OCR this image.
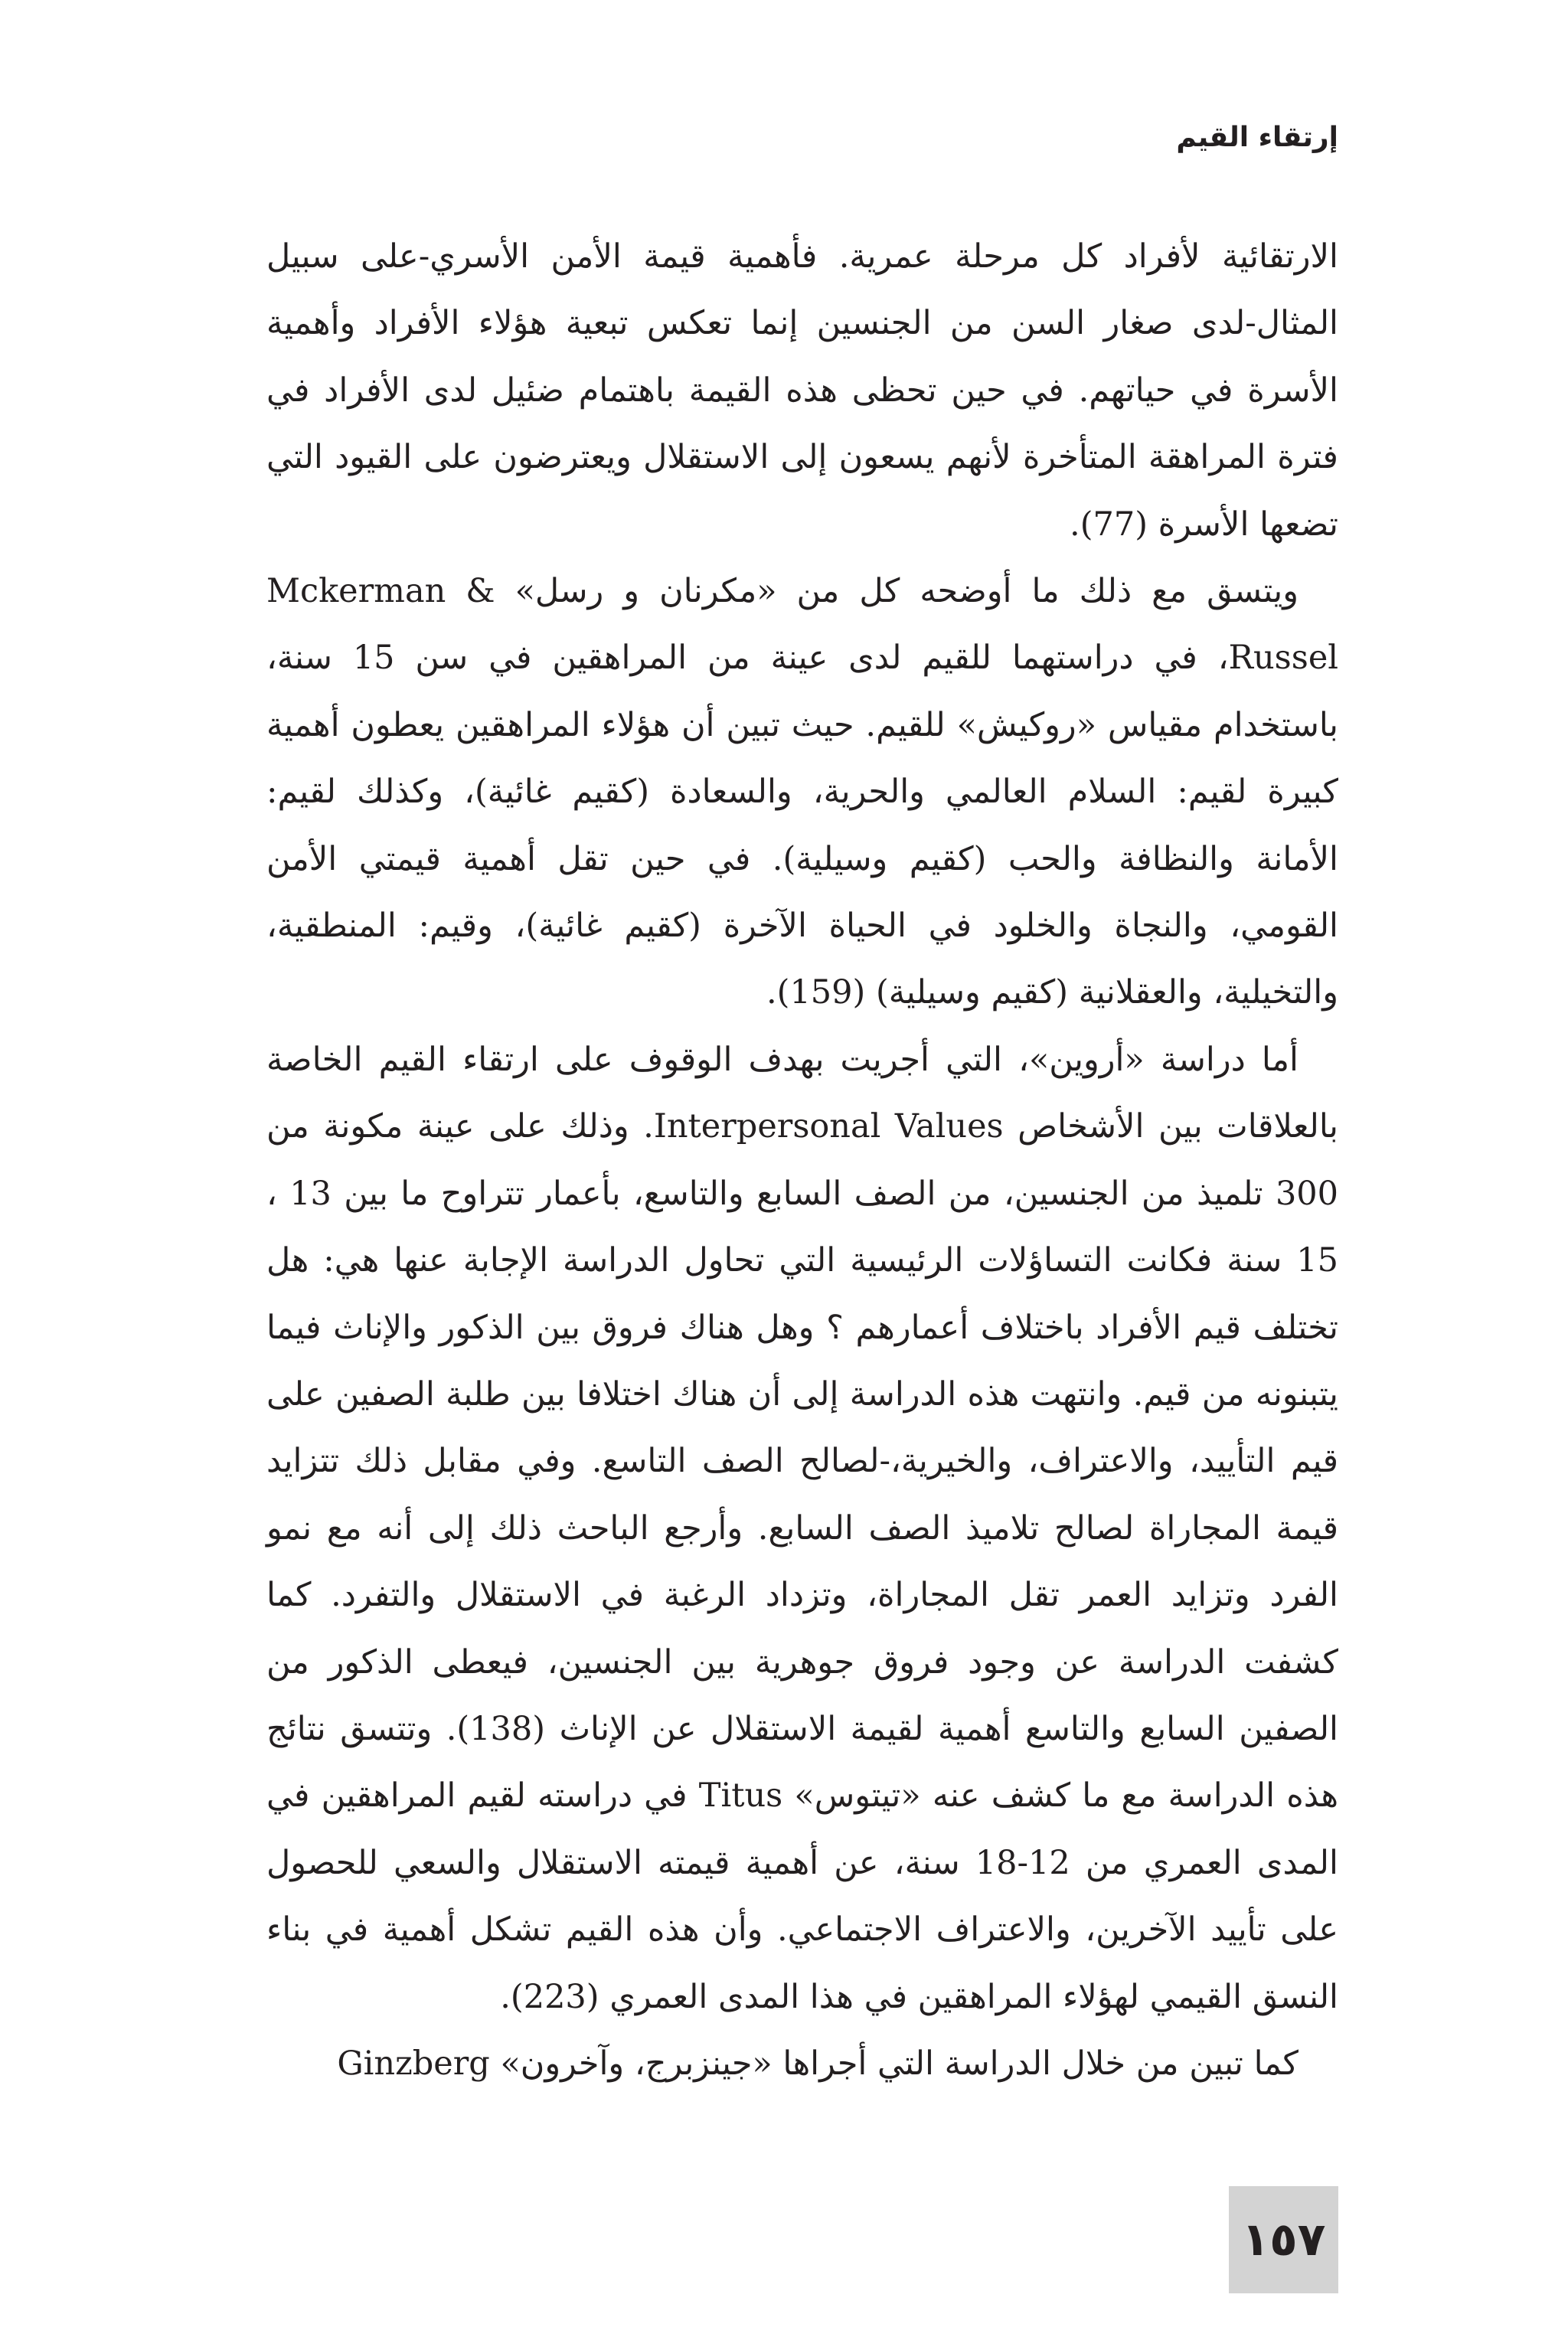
إرتقاء القيم

الارتقائية لأفراد كل مرحلة عمرية. فأهمية قيمة الأمن الأسري-على سبيل المثال-لدى صغار السن من الجنسين إنما تعكس تبعية هؤلاء الأفراد وأهمية الأسرة في حياتهم. في حين تحظى هذه القيمة باهتمام ضئيل لدى الأفراد في فترة المراهقة المتأخرة لأنهم يسعون إلى الاستقلال ويعترضون على القيود التي تضعها الأسرة (77).

ويتسق مع ذلك ما أوضحه كل من «مكرنان و رسل» Mckerman & Russel، في دراستهما للقيم لدى عينة من المراهقين في سن 15 سنة، باستخدام مقياس «روكيش» للقيم. حيث تبين أن هؤلاء المراهقين يعطون أهمية كبيرة لقيم: السلام العالمي والحرية، والسعادة (كقيم غائية)، وكذلك لقيم: الأمانة والنظافة والحب (كقيم وسيلية). في حين تقل أهمية قيمتي الأمن القومي، والنجاة والخلود في الحياة الآخرة (كقيم غائية)، وقيم: المنطقية، والتخيلية، والعقلانية (كقيم وسيلية) (159).

أما دراسة «أروين»، التي أجريت بهدف الوقوف على ارتقاء القيم الخاصة بالعلاقات بين الأشخاص Interpersonal Values. وذلك على عينة مكونة من 300 تلميذ من الجنسين، من الصف السابع والتاسع، بأعمار تتراوح ما بين 13 ، 15 سنة فكانت التساؤلات الرئيسية التي تحاول الدراسة الإجابة عنها هي: هل تختلف قيم الأفراد باختلاف أعمارهم ؟ وهل هناك فروق بين الذكور والإناث فيما يتبنونه من قيم. وانتهت هذه الدراسة إلى أن هناك اختلافا بين طلبة الصفين على قيم التأييد، والاعتراف، والخيرية،-لصالح الصف التاسع. وفي مقابل ذلك تتزايد قيمة المجاراة لصالح تلاميذ الصف السابع. وأرجع الباحث ذلك إلى أنه مع نمو الفرد وتزايد العمر تقل المجاراة، وتزداد الرغبة في الاستقلال والتفرد. كما كشفت الدراسة عن وجود فروق جوهرية بين الجنسين، فيعطى الذكور من الصفين السابع والتاسع أهمية لقيمة الاستقلال عن الإناث (138). وتتسق نتائج هذه الدراسة مع ما كشف عنه «تيتوس» Titus في دراسته لقيم المراهقين في المدى العمري من 12-18 سنة، عن أهمية قيمته الاستقلال والسعي للحصول على تأييد الآخرين، والاعتراف الاجتماعي. وأن هذه القيم تشكل أهمية في بناء النسق القيمي لهؤلاء المراهقين في هذا المدى العمري (223).

كما تبين من خلال الدراسة التي أجراها «جينزبرج، وآخرون» Ginzberg

١٥٧
